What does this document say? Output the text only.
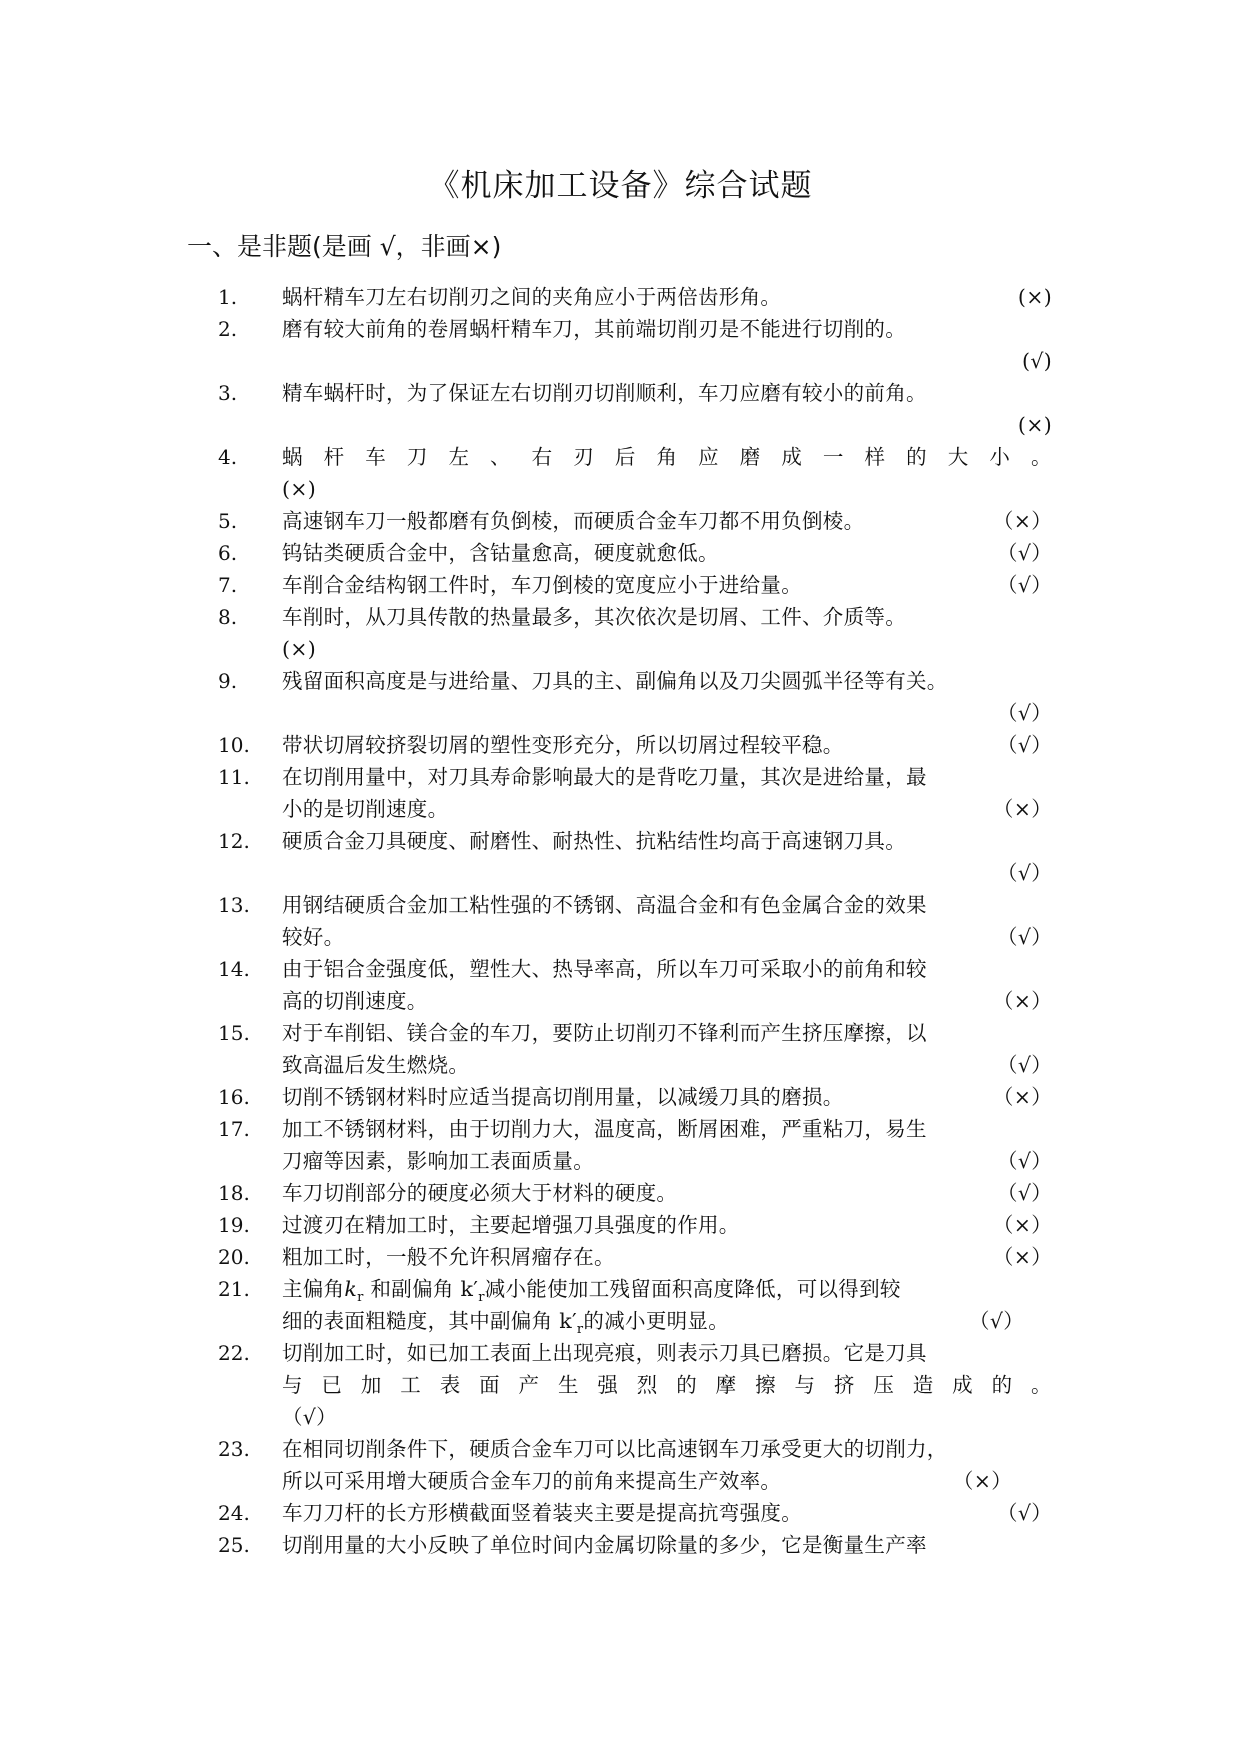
《机床加工设备》综合试题
一、是非题(是画 √，非画×)
1.	蜗杆精车刀左右切削刃之间的夹角应小于两倍齿形角。	(×)
2.	磨有较大前角的卷屑蜗杆精车刀，其前端切削刃是不能进行切削的。
(√)
3.	精车蜗杆时，为了保证左右切削刃切削顺利，车刀应磨有较小的前角。
(×)
4.	蜗 杆 车 刀 左 、 右 刃 后 角 应 磨 成 一 样 的 大 小 。
(×)
5.	高速钢车刀一般都磨有负倒棱，而硬质合金车刀都不用负倒棱。	（×）
6.	钨钴类硬质合金中，含钴量愈高，硬度就愈低。	（√）
7.	车削合金结构钢工件时，车刀倒棱的宽度应小于进给量。	（√）
8.	车削时，从刀具传散的热量最多，其次依次是切屑、工件、介质等。
(×)
9.	残留面积高度是与进给量、刀具的主、副偏角以及刀尖圆弧半径等有关。
（√）
10.	带状切屑较挤裂切屑的塑性变形充分，所以切屑过程较平稳。	（√）
11.	在切削用量中，对刀具寿命影响最大的是背吃刀量，其次是进给量，最
小的是切削速度。	（×）
12.	硬质合金刀具硬度、耐磨性、耐热性、抗粘结性均高于高速钢刀具。
（√）
13.	用钢结硬质合金加工粘性强的不锈钢、高温合金和有色金属合金的效果
较好。	（√）
14.	由于铝合金强度低，塑性大、热导率高，所以车刀可采取小的前角和较
高的切削速度。	（×）
15.	对于车削铝、镁合金的车刀，要防止切削刃不锋利而产生挤压摩擦，以
致高温后发生燃烧。	（√）
16.	切削不锈钢材料时应适当提高切削用量，以减缓刀具的磨损。	（×）
17.	加工不锈钢材料，由于切削力大，温度高，断屑困难，严重粘刀，易生
刀瘤等因素，影响加工表面质量。	（√）
18.	车刀切削部分的硬度必须大于材料的硬度。	（√）
19.	过渡刃在精加工时，主要起增强刀具强度的作用。	（×）
20.	粗加工时，一般不允许积屑瘤存在。	（×）
21.	主偏角$k_r$ 和副偏角 $k'_r$减小能使加工残留面积高度降低，可以得到较
细的表面粗糙度，其中副偏角 $k'_r$的减小更明显。	（√）
22.	切削加工时，如已加工表面上出现亮痕，则表示刀具已磨损。它是刀具
与 已 加 工 表 面 产 生 强 烈 的 摩 擦 与 挤 压 造 成 的 。
（√）
23.	在相同切削条件下，硬质合金车刀可以比高速钢车刀承受更大的切削力，
所以可采用增大硬质合金车刀的前角来提高生产效率。	（×）
24.	车刀刀杆的长方形横截面竖着装夹主要是提高抗弯强度。	（√）
25.	切削用量的大小反映了单位时间内金属切除量的多少，它是衡量生产率
